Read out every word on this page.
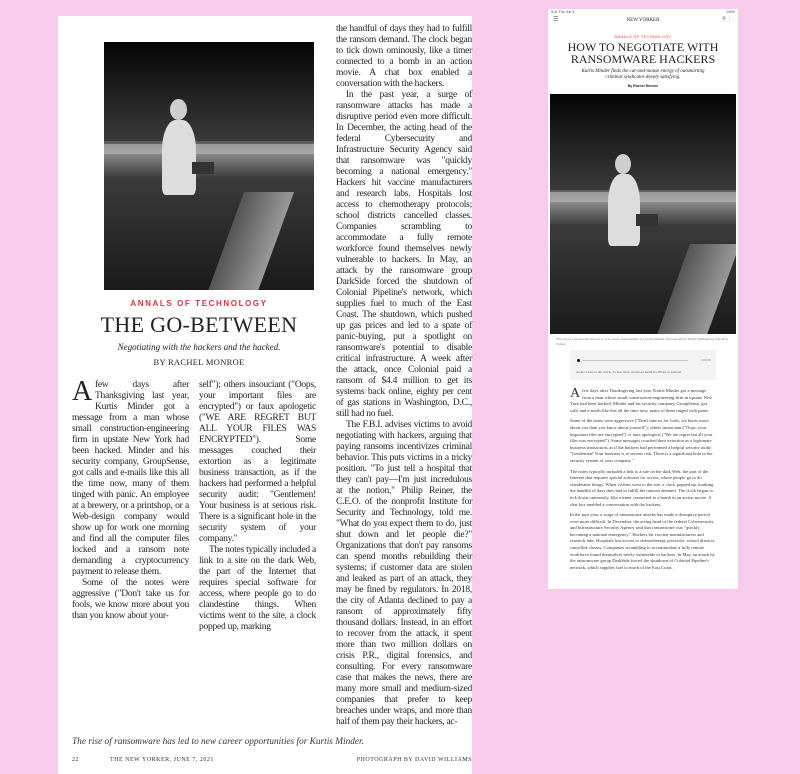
ANNALS OF TECHNOLOGY
THE GO-BETWEEN
Negotiating with the hackers and the hacked.
BY RACHEL MONROE

Afew days after Thanksgiving last year, Kurtis Minder got a message from a man whose small construction-engineering firm in upstate New York had been hacked. Minder and his security company, GroupSense, got calls and e-mails like this all the time now, many of them tinged with panic. An employee at a brewery, or a printshop, or a Web-design company would show up for work one morning and find all the computer files locked and a ransom note demanding a cryptocurrency payment to release them.

Some of the notes were aggressive ("Don't take us for fools, we know more about you than you know about your-

self"); others insouciant ("Oops, your important files are encrypted") or faux apologetic ("WE ARE REGRET BUT ALL YOUR FILES WAS ENCRYPTED"). Some messages couched their extortion as a legitimate business transaction, as if the hackers had performed a helpful security audit: "Gentlemen! Your business is at serious risk. There is a significant hole in the security system of your company."

The notes typically included a link to a site on the dark Web, the part of the Internet that requires special software for access, where people go to do clandestine things. When victims went to the site, a clock popped up, marking

the handful of days they had to fulfill the ransom demand. The clock began to tick down ominously, like a timer connected to a bomb in an action movie. A chat box enabled a conversation with the hackers.

In the past year, a surge of ransomware attacks has made a disruptive period even more difficult. In December, the acting head of the federal Cybersecurity and Infrastructure Security Agency said that ransomware was "quickly becoming a national emergency." Hackers hit vaccine manufacturers and research labs. Hospitals lost access to chemotherapy protocols; school districts cancelled classes. Companies scrambling to accommodate a fully remote workforce found themselves newly vulnerable to hackers. In May, an attack by the ransomware group DarkSide forced the shutdown of Colonial Pipeline's network, which supplies fuel to much of the East Coast. The shutdown, which pushed up gas prices and led to a spate of panic-buying, put a spotlight on ransomware's potential to disable critical infrastructure. A week after the attack, once Colonial paid a ransom of $4.4 million to get its systems back online, eighty per cent of gas stations in Washington, D.C., still had no fuel.

The F.B.I. advises victims to avoid negotiating with hackers, arguing that paying ransoms incentivizes criminal behavior. This puts victims in a tricky position. "To just tell a hospital that they can't pay—I'm just incredulous at the notion," Philip Reiner, the C.E.O. of the nonprofit Institute for Security and Technology, told me. "What do you expect them to do, just shut down and let people die?" Organizations that don't pay ransoms can spend months rebuilding their systems; if customer data are stolen and leaked as part of an attack, they may be fined by regulators. In 2018, the city of Atlanta declined to pay a ransom of approximately fifty thousand dollars. Instead, in an effort to recover from the attack, it spent more than two million dollars on crisis P.R., digital forensics, and consulting. For every ransomware case that makes the news, there are many more small and medium-sized companies that prefer to keep breaches under wraps, and more than half of them pay their hackers, ac-

The rise of ransomware has led to new career opportunities for Kurtis Minder.
22	THE NEW YORKER, JUNE 7, 2021	PHOTOGRAPH BY DAVID WILLIAMS
9:41 Thu Jun 3	100%
☰	NEW YORKER	⚲ ⋮
ANNALS OF TECHNOLOGY
HOW TO NEGOTIATE WITH RANSOMWARE HACKERS
Kurtis Minder finds the cat-and-mouse energy of outsmarting criminal syndicates deeply satisfying.
By Rachel Monroe
The rise of ransomware has led to new career opportunities for Kurtis Minder. Photograph by David Williams for The New Yorker
1:00:00
Audio: Listen to this article. To hear more, download Audm for iPhone or Android.

Afew days after Thanksgiving last year, Kurtis Minder got a message from a man whose small construction-engineering firm in upstate New York had been hacked. Minder and his security company, GroupSense, got calls and e-mails like this all the time now, many of them tinged with panic.

Some of the notes were aggressive ("Don't take us for fools, we know more about you than you know about yourself"); others insouciant ("Oops, your important files are encrypted") or faux apologetic ("We are regret but all your files was encrypted"). Some messages couched their extortion as a legitimate business transaction, as if the hackers had performed a helpful security audit: "Gentlemen! Your business is at serious risk. There is a significant hole in the security system of your company."

The notes typically included a link to a site on the dark Web, the part of the Internet that requires special software for access, where people go to do clandestine things. When victims went to the site, a clock popped up, marking the handful of days they had to fulfill the ransom demand. The clock began to tick down ominously, like a timer connected to a bomb in an action movie. A chat box enabled a conversation with the hackers.

In the past year, a surge of ransomware attacks has made a disruptive period even more difficult. In December, the acting head of the federal Cybersecurity and Infrastructure Security Agency said that ransomware was "quickly becoming a national emergency." Hackers hit vaccine manufacturers and research labs. Hospitals lost access to chemotherapy protocols; school districts cancelled classes. Companies scrambling to accommodate a fully remote workforce found themselves newly vulnerable to hackers. In May, an attack by the ransomware group DarkSide forced the shutdown of Colonial Pipeline's network, which supplies fuel to much of the East Coast.
